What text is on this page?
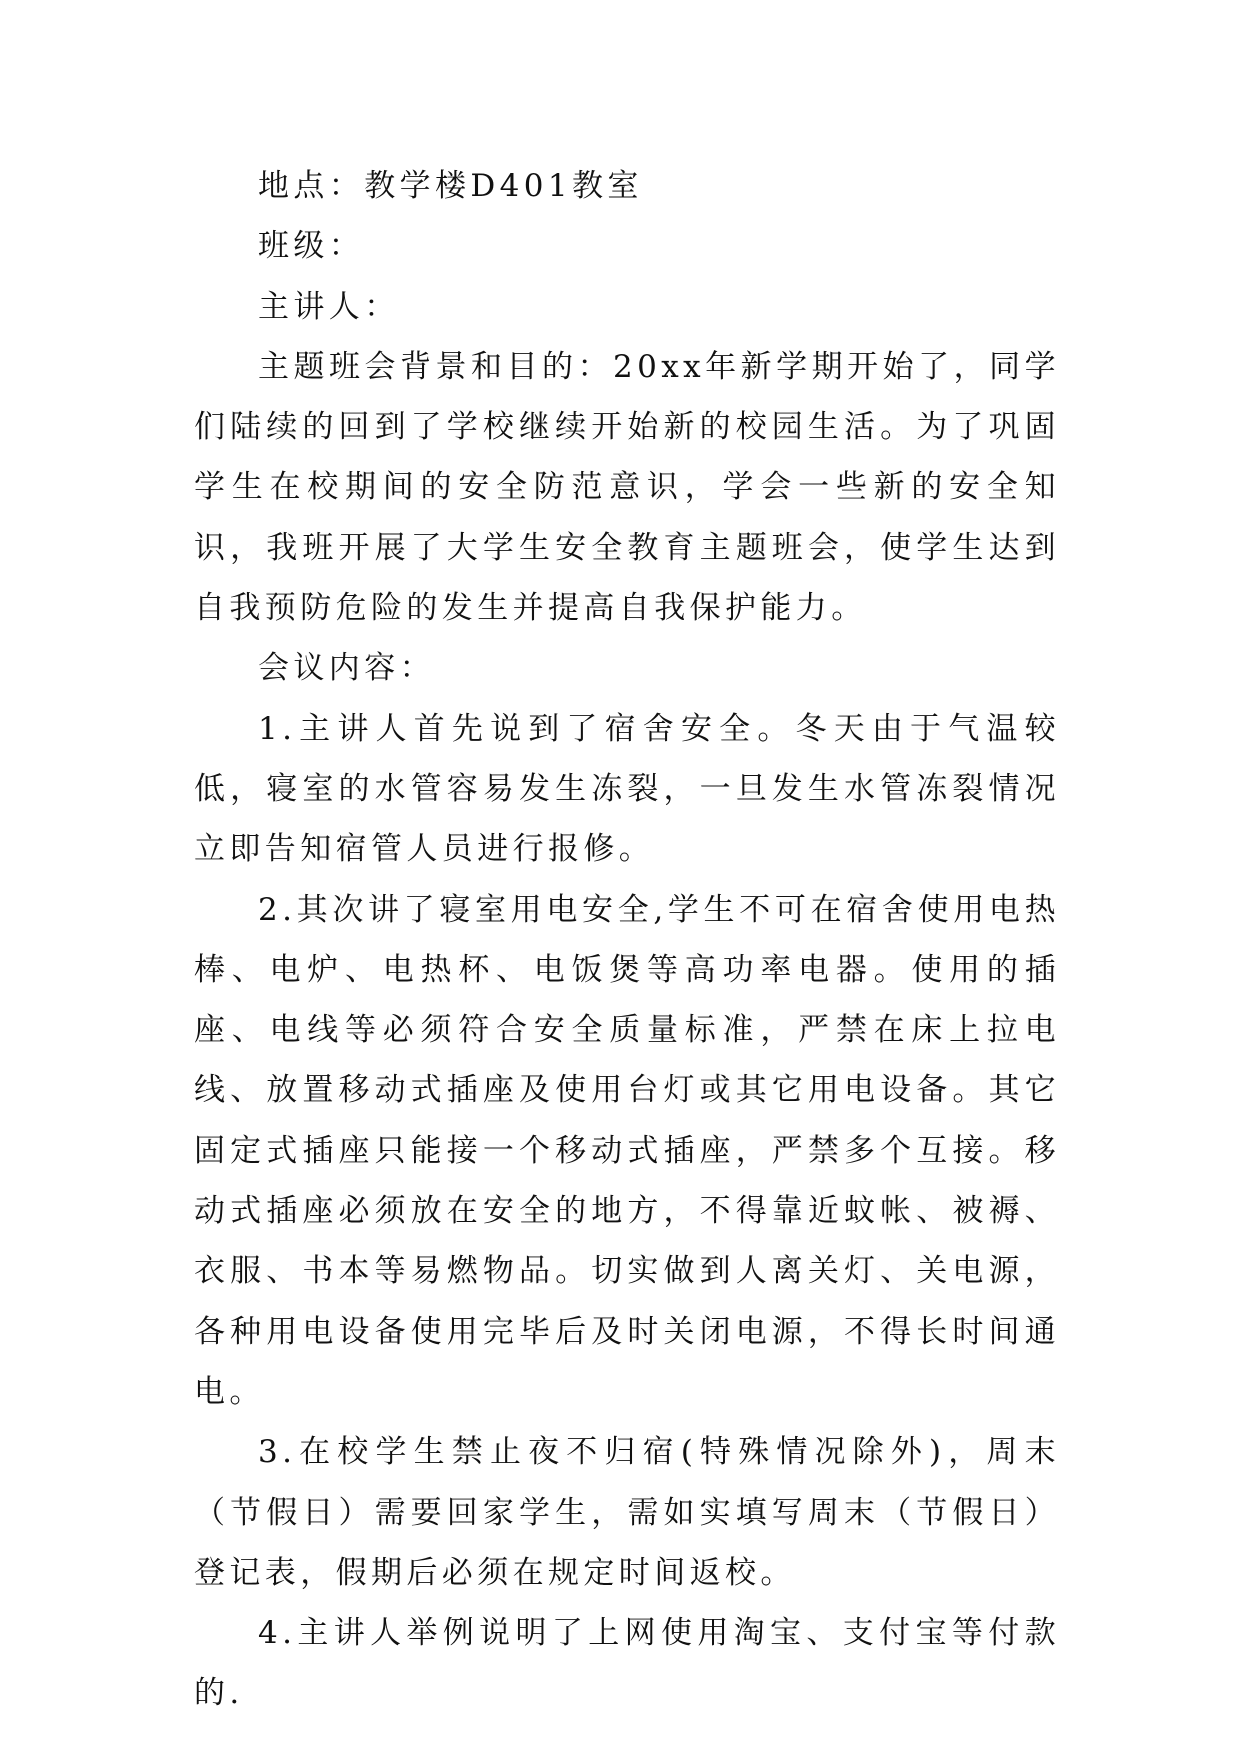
地点：教学楼D401教室

班级：

主讲人：

主题班会背景和目的：20xx年新学期开始了，同学们陆续的回到了学校继续开始新的校园生活。为了巩固学生在校期间的安全防范意识，学会一些新的安全知识，我班开展了大学生安全教育主题班会，使学生达到自我预防危险的发生并提高自我保护能力。

会议内容：

1.主讲人首先说到了宿舍安全。冬天由于气温较低，寝室的水管容易发生冻裂，一旦发生水管冻裂情况立即告知宿管人员进行报修。

2.其次讲了寝室用电安全,学生不可在宿舍使用电热棒、电炉、电热杯、电饭煲等高功率电器。使用的插座、电线等必须符合安全质量标准，严禁在床上拉电线、放置移动式插座及使用台灯或其它用电设备。其它固定式插座只能接一个移动式插座，严禁多个互接。移动式插座必须放在安全的地方，不得靠近蚊帐、被褥、衣服、书本等易燃物品。切实做到人离关灯、关电源，各种用电设备使用完毕后及时关闭电源，不得长时间通电。

3.在校学生禁止夜不归宿(特殊情况除外)，周末（节假日）需要回家学生，需如实填写周末（节假日）登记表，假期后必须在规定时间返校。

4.主讲人举例说明了上网使用淘宝、支付宝等付款的.
